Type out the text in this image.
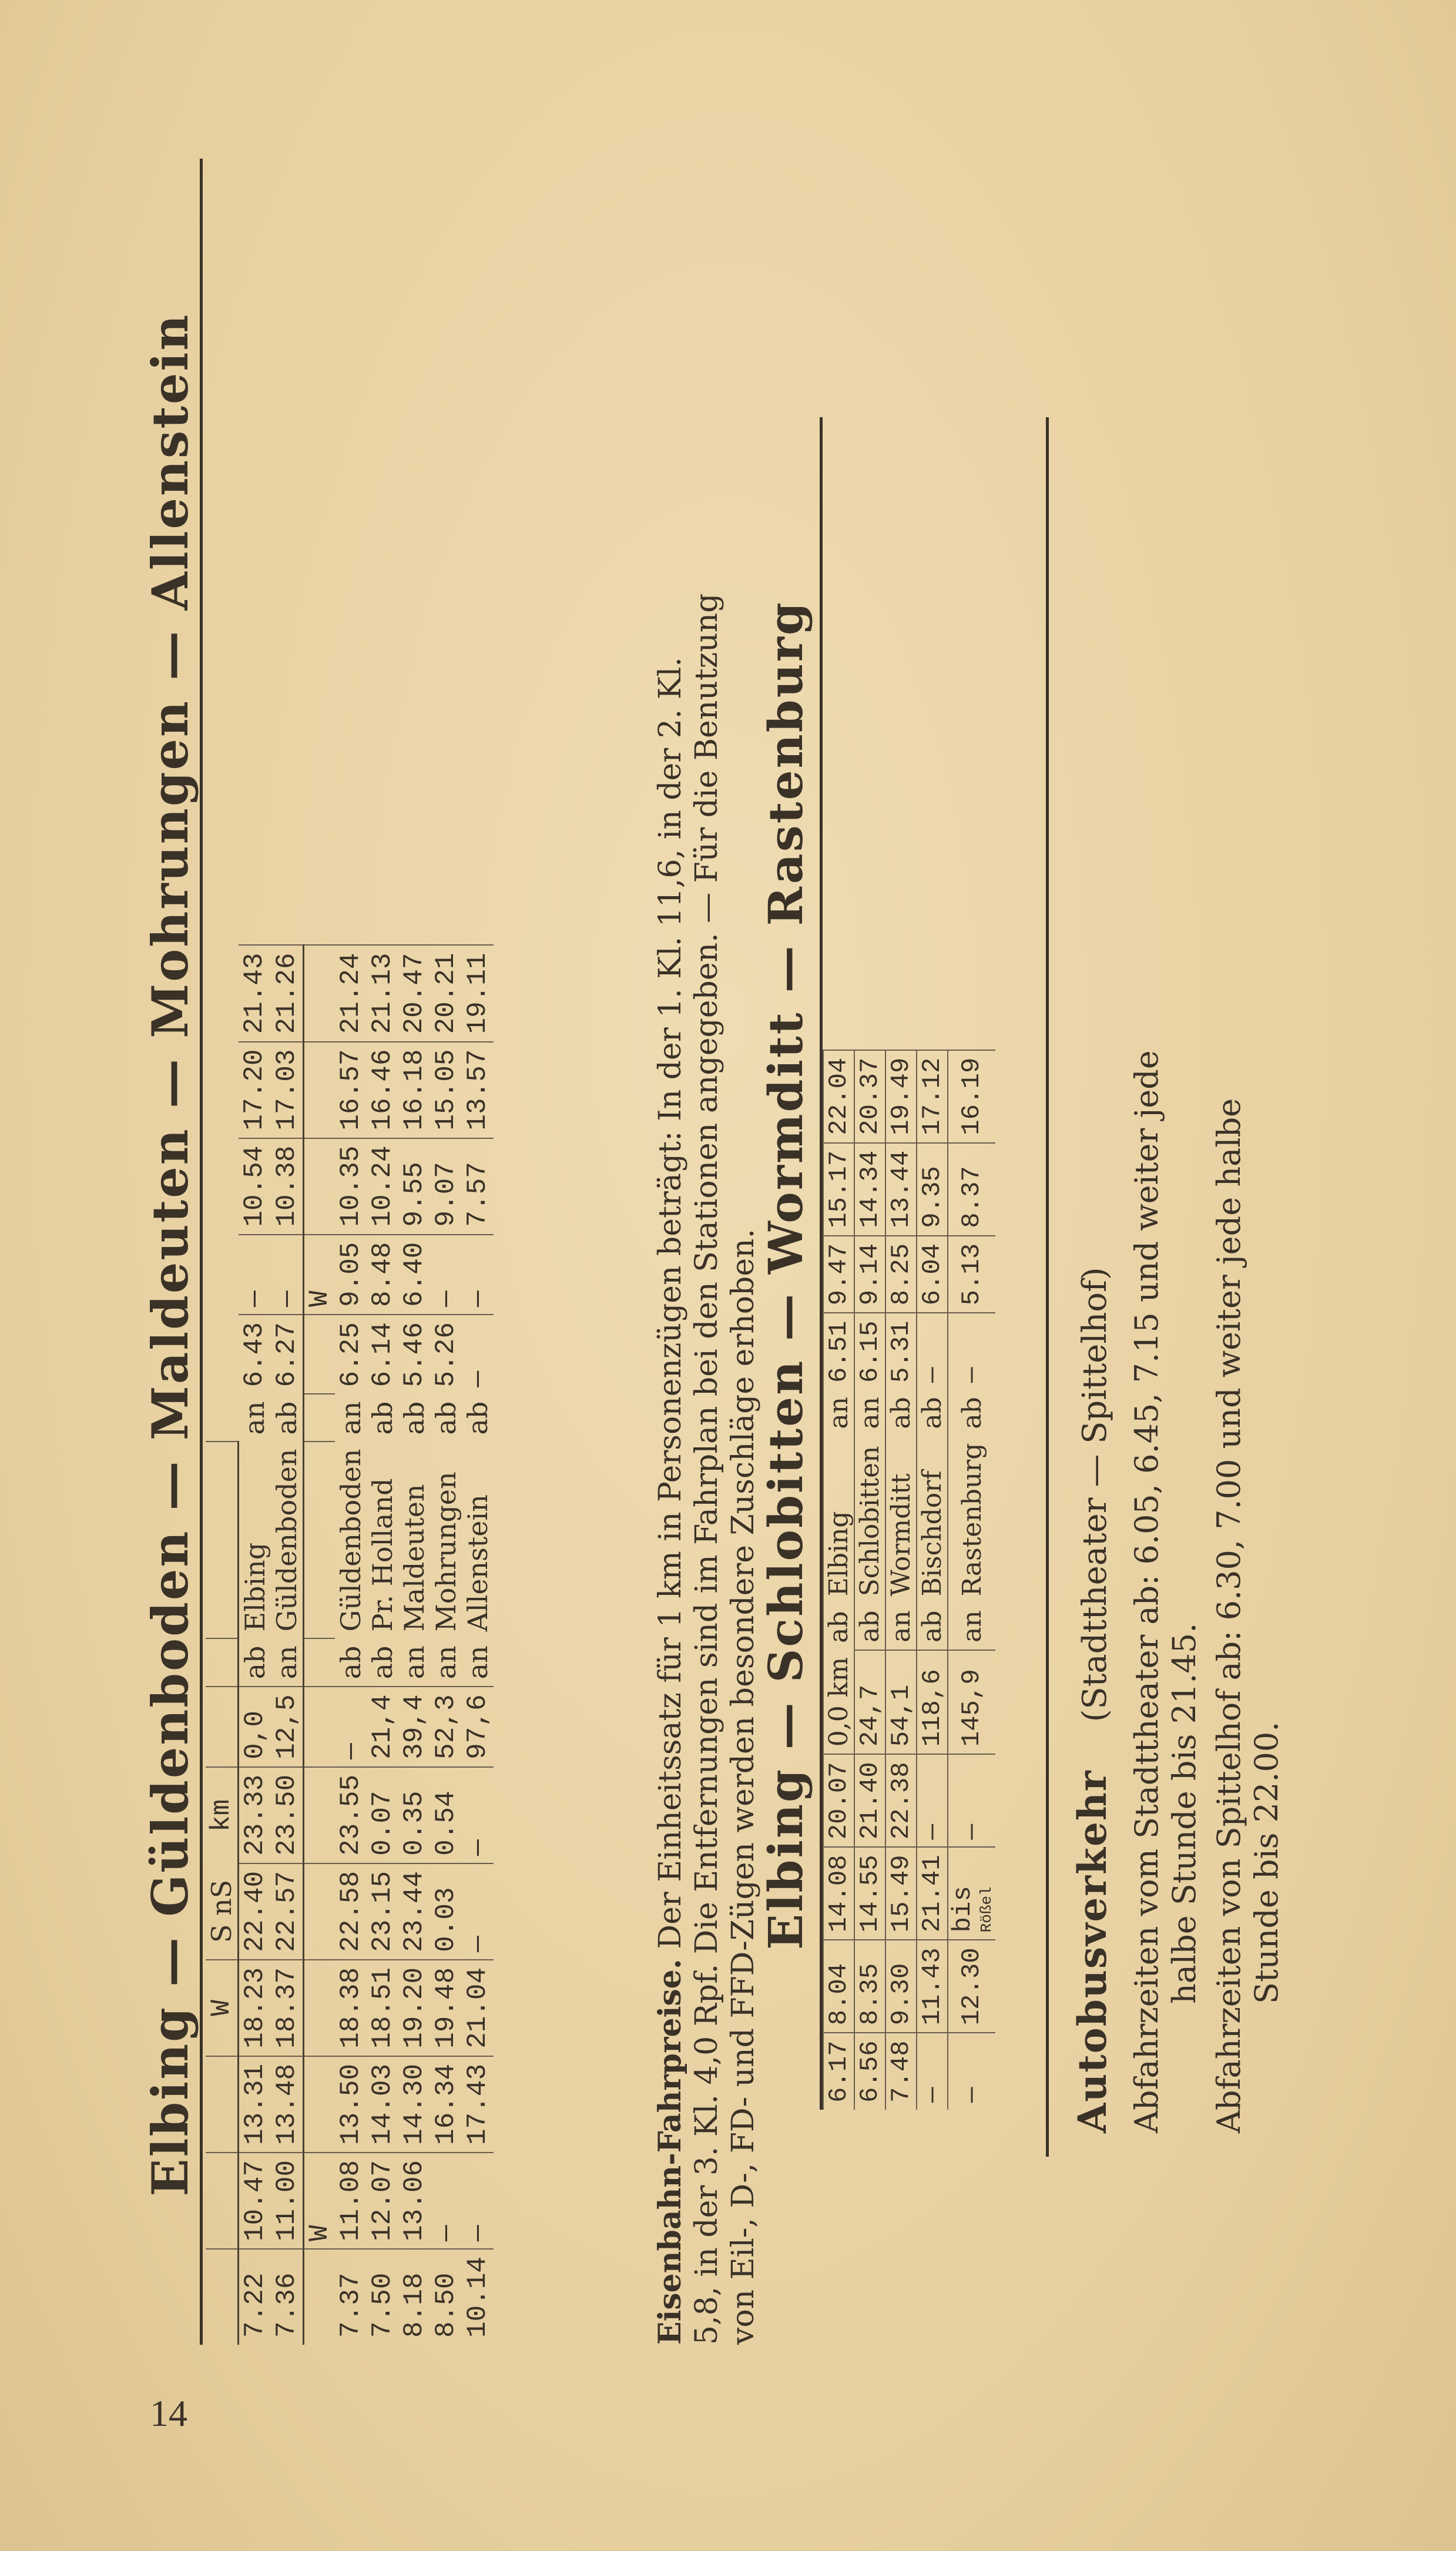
14
Elbing — Güldenboden — Maldeuten — Mohrungen — Allenstein
			W	S nS	km									
7.22	10.47	13.31	18.23	22.40	23.33	0,0	ab	Elbing	an	6.43	—	10.54	17.20	21.43
7.36	11.00	13.48	18.37	22.57	23.50	12,5	an	Güldenboden	ab	6.27	—	10.38	17.03	21.26
	W										W			
7.37	11.08	13.50	18.38	22.58	23.55	—	ab	Güldenboden	an	6.25	9.05	10.35	16.57	21.24
7.50	12.07	14.03	18.51	23.15	0.07	21,4	ab	Pr. Holland	ab	6.14	8.48	10.24	16.46	21.13
8.18	13.06	14.30	19.20	23.44	0.35	39,4	an	Maldeuten	ab	5.46	6.40	9.55	16.18	20.47
8.50	—	16.34	19.48	0.03	0.54	52,3	an	Mohrungen	ab	5.26	—	9.07	15.05	20.21
10.14	—	17.43	21.04	—	—	97,6	an	Allenstein	ab	—	—	7.57	13.57	19.11
Eisenbahn-Fahrpreise. Der Einheitssatz für 1 km in Personenzügen beträgt: In der 1. Kl. 11,6, in der 2. Kl. 5,8, in der 3. Kl. 4,0 Rpf. Die Entfernungen sind im Fahrplan bei den Stationen angegeben. — Für die Benutzung von Eil-, D-, FD- und FFD-Zügen werden besondere Zuschläge erhoben.
Elbing — Schlobitten — Wormditt — Rastenburg
6.17	8.04	14.08	20.07	0,0 km	ab	Elbing	an	6.51	9.47	15.17	22.04
6.56	8.35	14.55	21.40	24,7	ab	Schlobitten	an	6.15	9.14	14.34	20.37
7.48	9.30	15.49	22.38	54,1	an	Wormditt	ab	5.31	8.25	13.44	19.49
—	11.43	21.41	—	118,6	ab	Bischdorf	ab	—	6.04	9.35	17.12
—	12.30	bis Rößel	—	145,9	an	Rastenburg	ab	—	5.13	8.37	16.19
Autobusverkehr (Stadttheater — Spittelhof) Abfahrzeiten vom Stadttheater ab: 6.05, 6.45, 7.15 und weiter jede halbe Stunde bis 21.45. Abfahrzeiten von Spittelhof ab: 6.30, 7.00 und weiter jede halbe Stunde bis 22.00.
